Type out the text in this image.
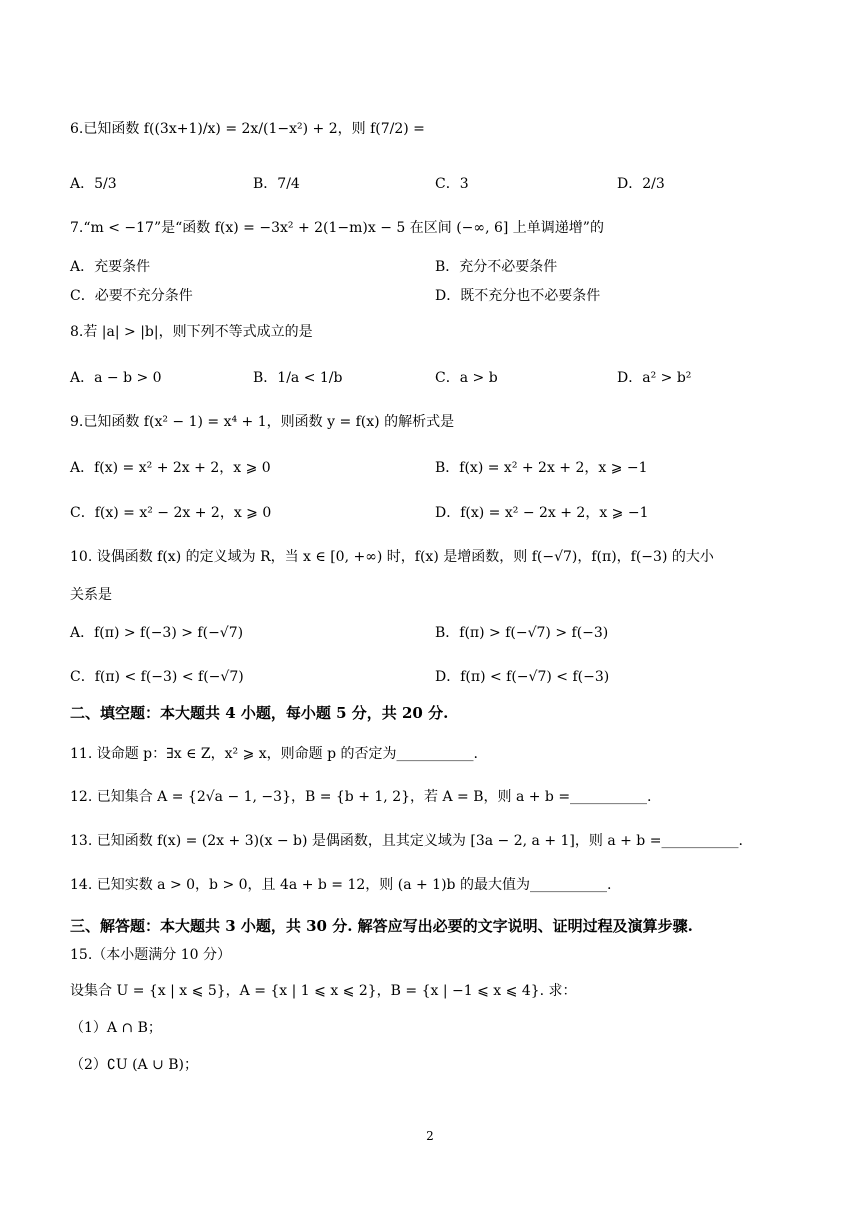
6.已知函数 f((3x+1)/x) = 2x/(1−x²) + 2，则 f(7/2) =
A．5/3	B．7/4	C．3	D．2/3
7.“m < −17”是“函数 f(x) = −3x² + 2(1−m)x − 5 在区间 (−∞, 6] 上单调递增”的
A．充要条件	B．充分不必要条件
C．必要不充分条件	D．既不充分也不必要条件
8.若 |a| > |b|，则下列不等式成立的是
A．a − b > 0	B．1/a < 1/b	C．a > b	D．a² > b²
9.已知函数 f(x² − 1) = x⁴ + 1，则函数 y = f(x) 的解析式是
A．f(x) = x² + 2x + 2，x ⩾ 0	B．f(x) = x² + 2x + 2，x ⩾ −1
C．f(x) = x² − 2x + 2，x ⩾ 0	D．f(x) = x² − 2x + 2，x ⩾ −1
10. 设偶函数 f(x) 的定义域为 R，当 x ∈ [0, +∞) 时，f(x) 是增函数，则 f(−√7)，f(π)，f(−3) 的大小
关系是
A．f(π) > f(−3) > f(−√7)	B．f(π) > f(−√7) > f(−3)
C．f(π) < f(−3) < f(−√7)	D．f(π) < f(−√7) < f(−3)
二、填空题：本大题共 4 小题，每小题 5 分，共 20 分.
11. 设命题 p：∃x ∈ Z，x² ⩾ x，则命题 p 的否定为___________.
12. 已知集合 A = {2√a − 1, −3}，B = {b + 1, 2}，若 A = B，则 a + b =___________.
13. 已知函数 f(x) = (2x + 3)(x − b) 是偶函数，且其定义域为 [3a − 2, a + 1]，则 a + b =___________.
14. 已知实数 a > 0，b > 0，且 4a + b = 12，则 (a + 1)b 的最大值为___________.
三、解答题：本大题共 3 小题，共 30 分. 解答应写出必要的文字说明、证明过程及演算步骤.
15.（本小题满分 10 分）
设集合 U = {x | x ⩽ 5}，A = {x | 1 ⩽ x ⩽ 2}，B = {x | −1 ⩽ x ⩽ 4}. 求：
（1）A ∩ B；
（2）∁U (A ∪ B)；
2
